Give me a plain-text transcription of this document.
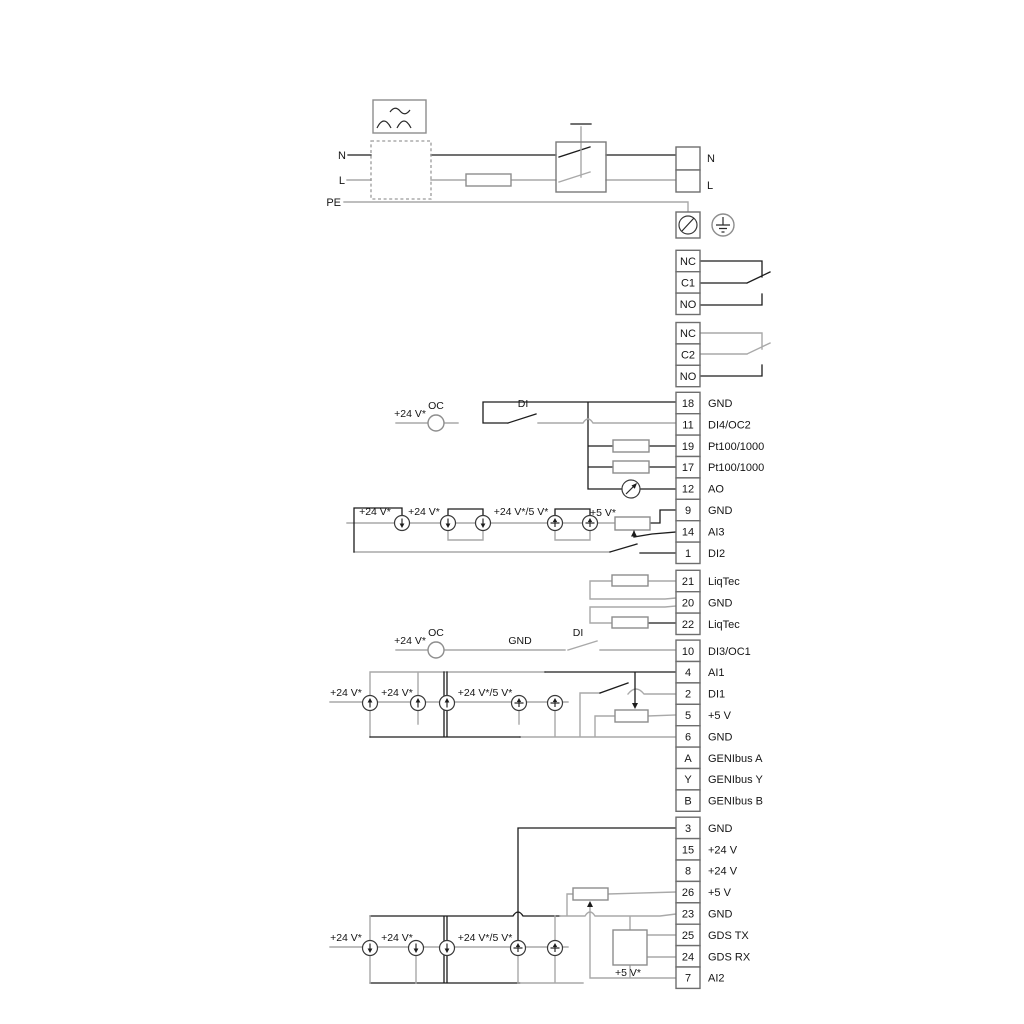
NC
C1
NO
NC
C2
NO
18 GND
11 DI4/OC2
19 Pt100/1000
17 Pt100/1000
12 AO
9 GND
14 AI3
1 DI2
21 LiqTec
20 GND
22 LiqTec
10 DI3/OC1
4 AI1
2 DI1
5 +5 V
6 GND
A GENIbus A
Y GENIbus Y
B GENIbus B
3 GND
15 +24 V
8 +24 V
26 +5 V
23 GND
25 GDS TX
24 GDS RX
7 AI2
N
L
PE
N
L
+24 V*
OC	DI
+24 V* +24 V*	+24 V*/5 V*	+5 V*
+24 V*
OC
GND
DI
+24 V* +24 V*	+24 V*/5 V*
+24 V* +24 V*	+24 V*/5 V*
+5 V*
